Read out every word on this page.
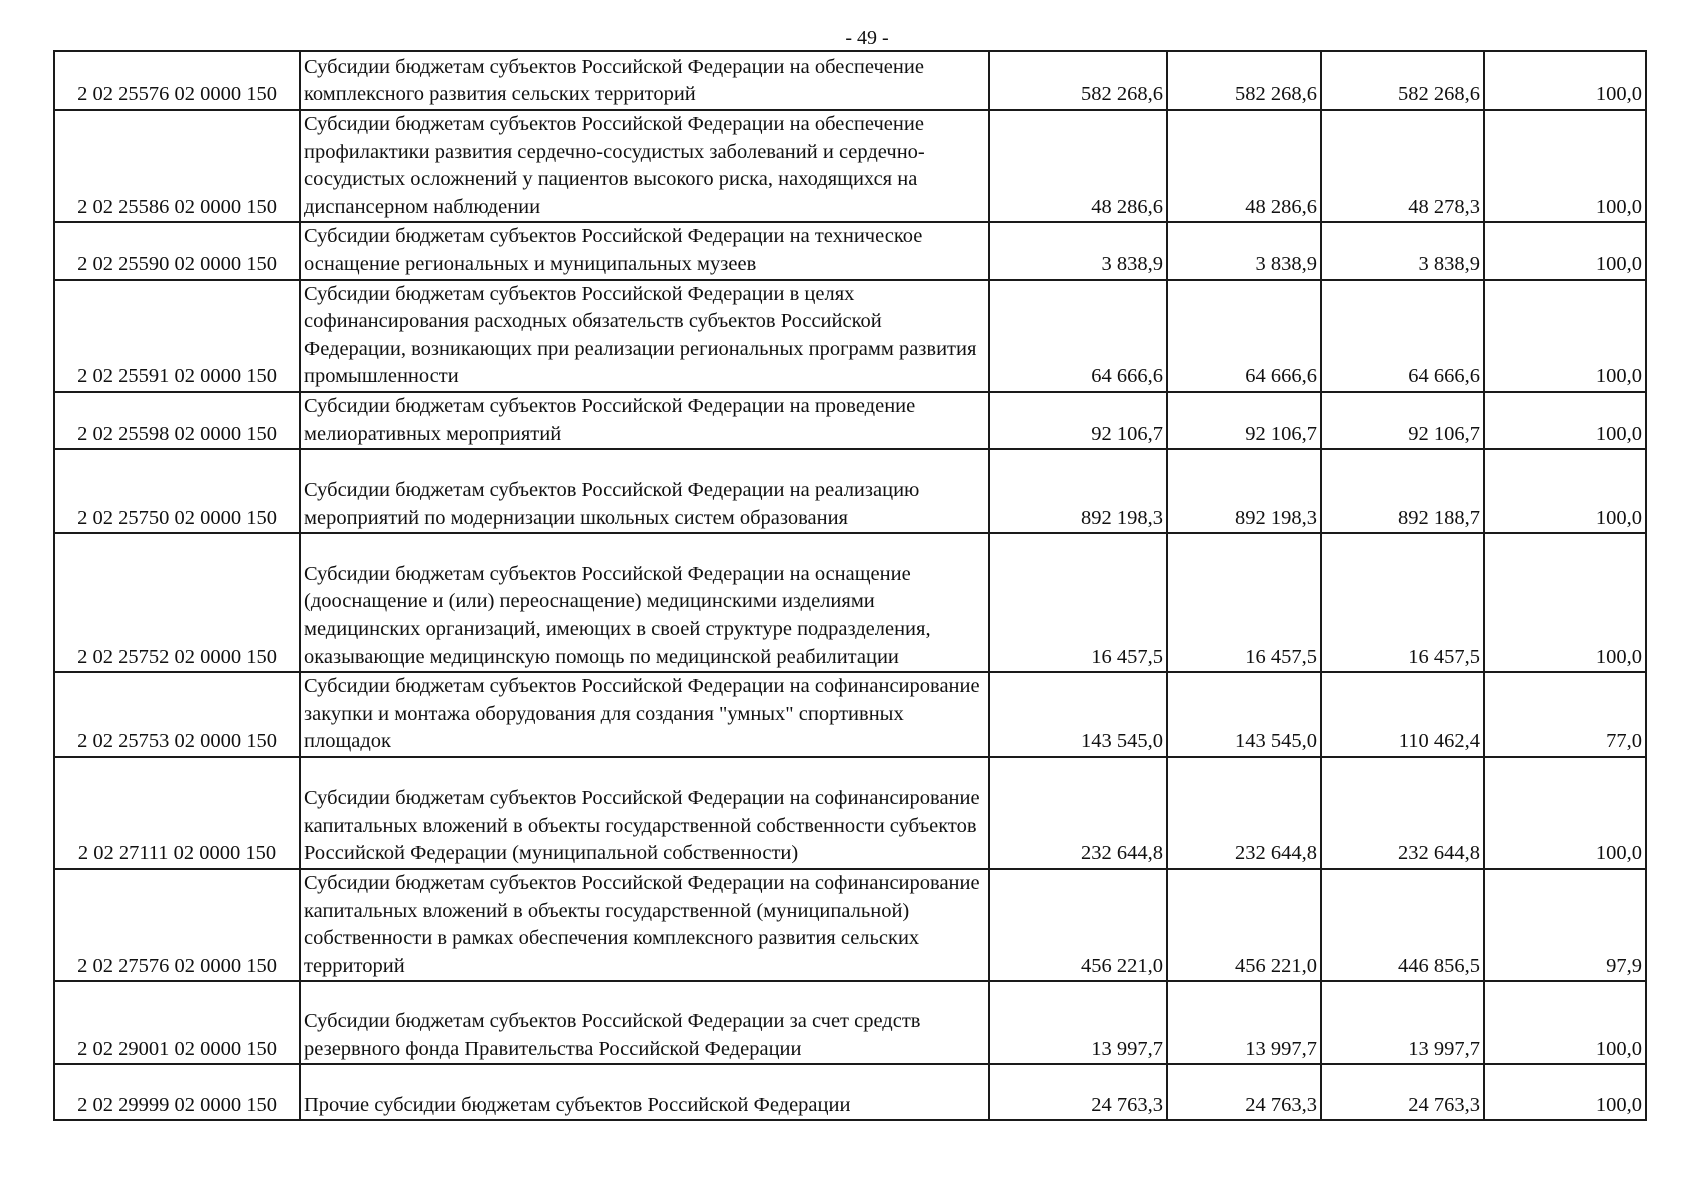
- 49 -
2 02 25576 02 0000 150	Субсидии бюджетам субъектов Российской Федерации на обеспечение комплексного развития сельских территорий	582 268,6	582 268,6	582 268,6	100,0
2 02 25586 02 0000 150	Субсидии бюджетам субъектов Российской Федерации на обеспечение профилактики развития сердечно-сосудистых заболеваний и сердечно-сосудистых осложнений у пациентов высокого риска, находящихся на диспансерном наблюдении	48 286,6	48 286,6	48 278,3	100,0
2 02 25590 02 0000 150	Субсидии бюджетам субъектов Российской Федерации на техническое оснащение региональных и муниципальных музеев	3 838,9	3 838,9	3 838,9	100,0
2 02 25591 02 0000 150	Субсидии бюджетам субъектов Российской Федерации в целях софинансирования расходных обязательств субъектов Российской Федерации, возникающих при реализации региональных программ развития промышленности	64 666,6	64 666,6	64 666,6	100,0
2 02 25598 02 0000 150	Субсидии бюджетам субъектов Российской Федерации на проведение мелиоративных мероприятий	92 106,7	92 106,7	92 106,7	100,0
2 02 25750 02 0000 150	Субсидии бюджетам субъектов Российской Федерации на реализацию мероприятий по модернизации школьных систем образования	892 198,3	892 198,3	892 188,7	100,0
2 02 25752 02 0000 150	Субсидии бюджетам субъектов Российской Федерации на оснащение (дооснащение и (или) переоснащение) медицинскими изделиями медицинских организаций, имеющих в своей структуре подразделения, оказывающие медицинскую помощь по медицинской реабилитации	16 457,5	16 457,5	16 457,5	100,0
2 02 25753 02 0000 150	Субсидии бюджетам субъектов Российской Федерации на софинансирование закупки и монтажа оборудования для создания "умных" спортивных площадок	143 545,0	143 545,0	110 462,4	77,0
2 02 27111 02 0000 150	Субсидии бюджетам субъектов Российской Федерации на софинансирование капитальных вложений в объекты государственной собственности субъектов Российской Федерации (муниципальной собственности)	232 644,8	232 644,8	232 644,8	100,0
2 02 27576 02 0000 150	Субсидии бюджетам субъектов Российской Федерации на софинансирование капитальных вложений в объекты государственной (муниципальной) собственности в рамках обеспечения комплексного развития сельских территорий	456 221,0	456 221,0	446 856,5	97,9
2 02 29001 02 0000 150	Субсидии бюджетам субъектов Российской Федерации за счет средств резервного фонда Правительства Российской Федерации	13 997,7	13 997,7	13 997,7	100,0
2 02 29999 02 0000 150	Прочие субсидии бюджетам субъектов Российской Федерации	24 763,3	24 763,3	24 763,3	100,0
